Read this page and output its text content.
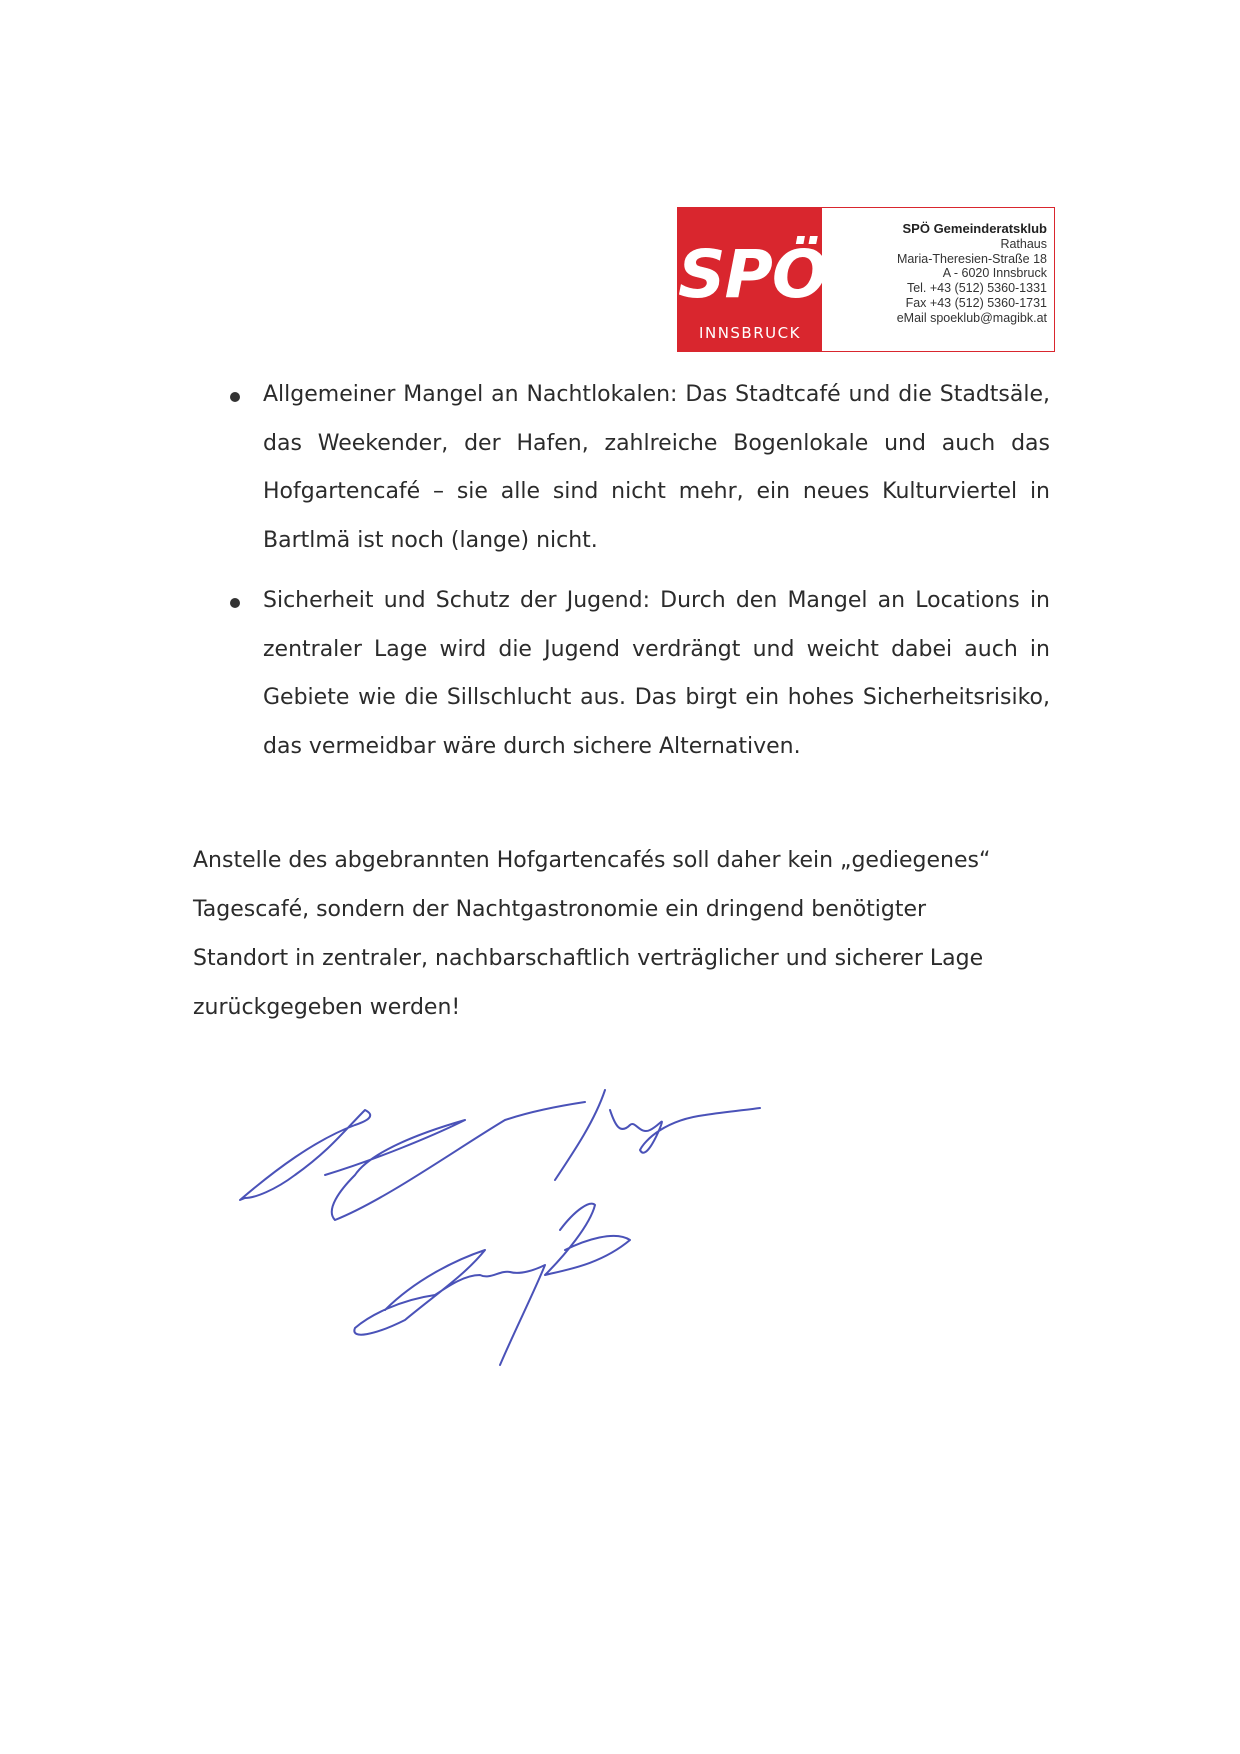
SPÖ
INNSBRUCK
SPÖ Gemeinderatsklub
Rathaus
Maria-Theresien-Straße 18
A - 6020 Innsbruck
Tel. +43 (512) 5360-1331
Fax +43 (512) 5360-1731
eMail spoeklub@magibk.at
Allgemeiner Mangel an Nachtlokalen: Das Stadtcafé und die Stadtsäle, das Weekender, der Hafen, zahlreiche Bogenlokale und auch das Hofgartencafé – sie alle sind nicht mehr, ein neues Kulturviertel in Bartlmä ist noch (lange) nicht.
Sicherheit und Schutz der Jugend: Durch den Mangel an Locations in zentraler Lage wird die Jugend verdrängt und weicht dabei auch in Gebiete wie die Sillschlucht aus. Das birgt ein hohes Sicherheitsrisiko, das vermeidbar wäre durch sichere Alternativen.

Anstelle des abgebrannten Hofgartencafés soll daher kein „gediegenes“ Tagescafé, sondern der Nachtgastronomie ein dringend benötigter Standort in zentraler, nachbarschaftlich verträglicher und sicherer Lage zurückgegeben werden!
